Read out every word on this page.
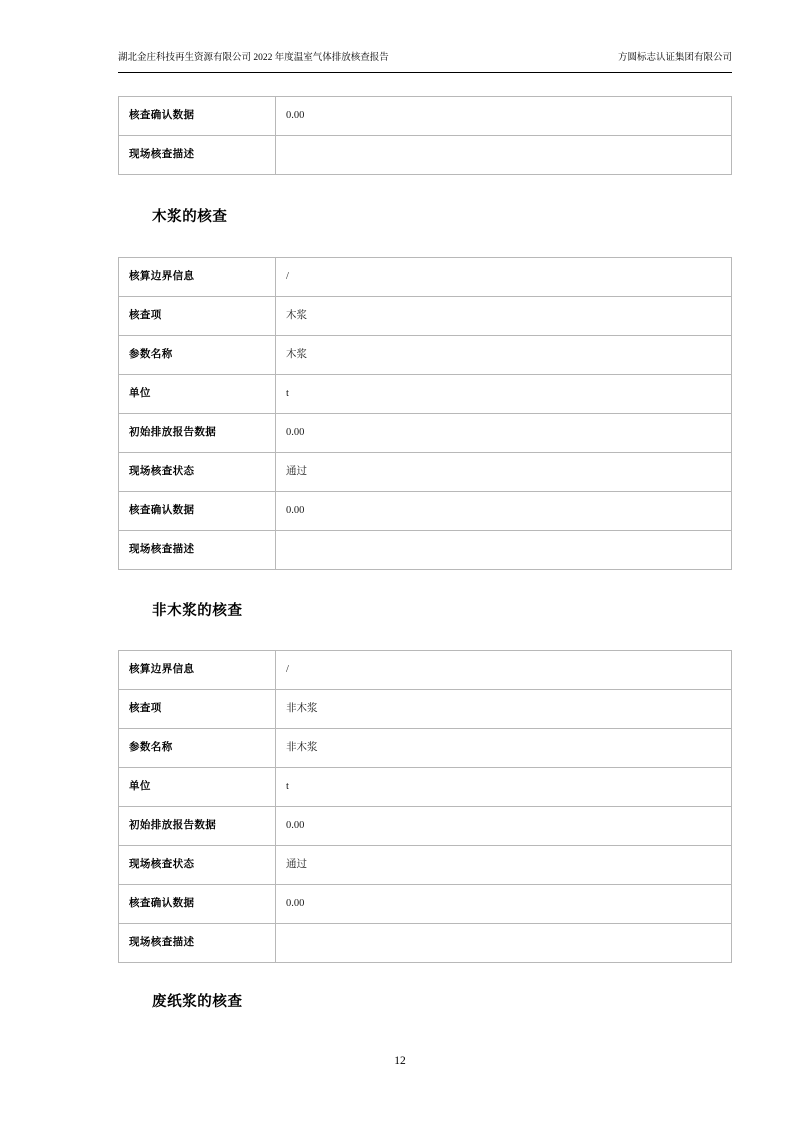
湖北金庄科技再生资源有限公司 2022 年度温室气体排放核查报告	方圆标志认证集团有限公司
核查确认数据	0.00
现场核查描述	
木浆的核查
核算边界信息	/
核查项	木浆
参数名称	木浆
单位	t
初始排放报告数据	0.00
现场核查状态	通过
核查确认数据	0.00
现场核查描述	
非木浆的核查
核算边界信息	/
核查项	非木浆
参数名称	非木浆
单位	t
初始排放报告数据	0.00
现场核查状态	通过
核查确认数据	0.00
现场核查描述	
废纸浆的核查
12
